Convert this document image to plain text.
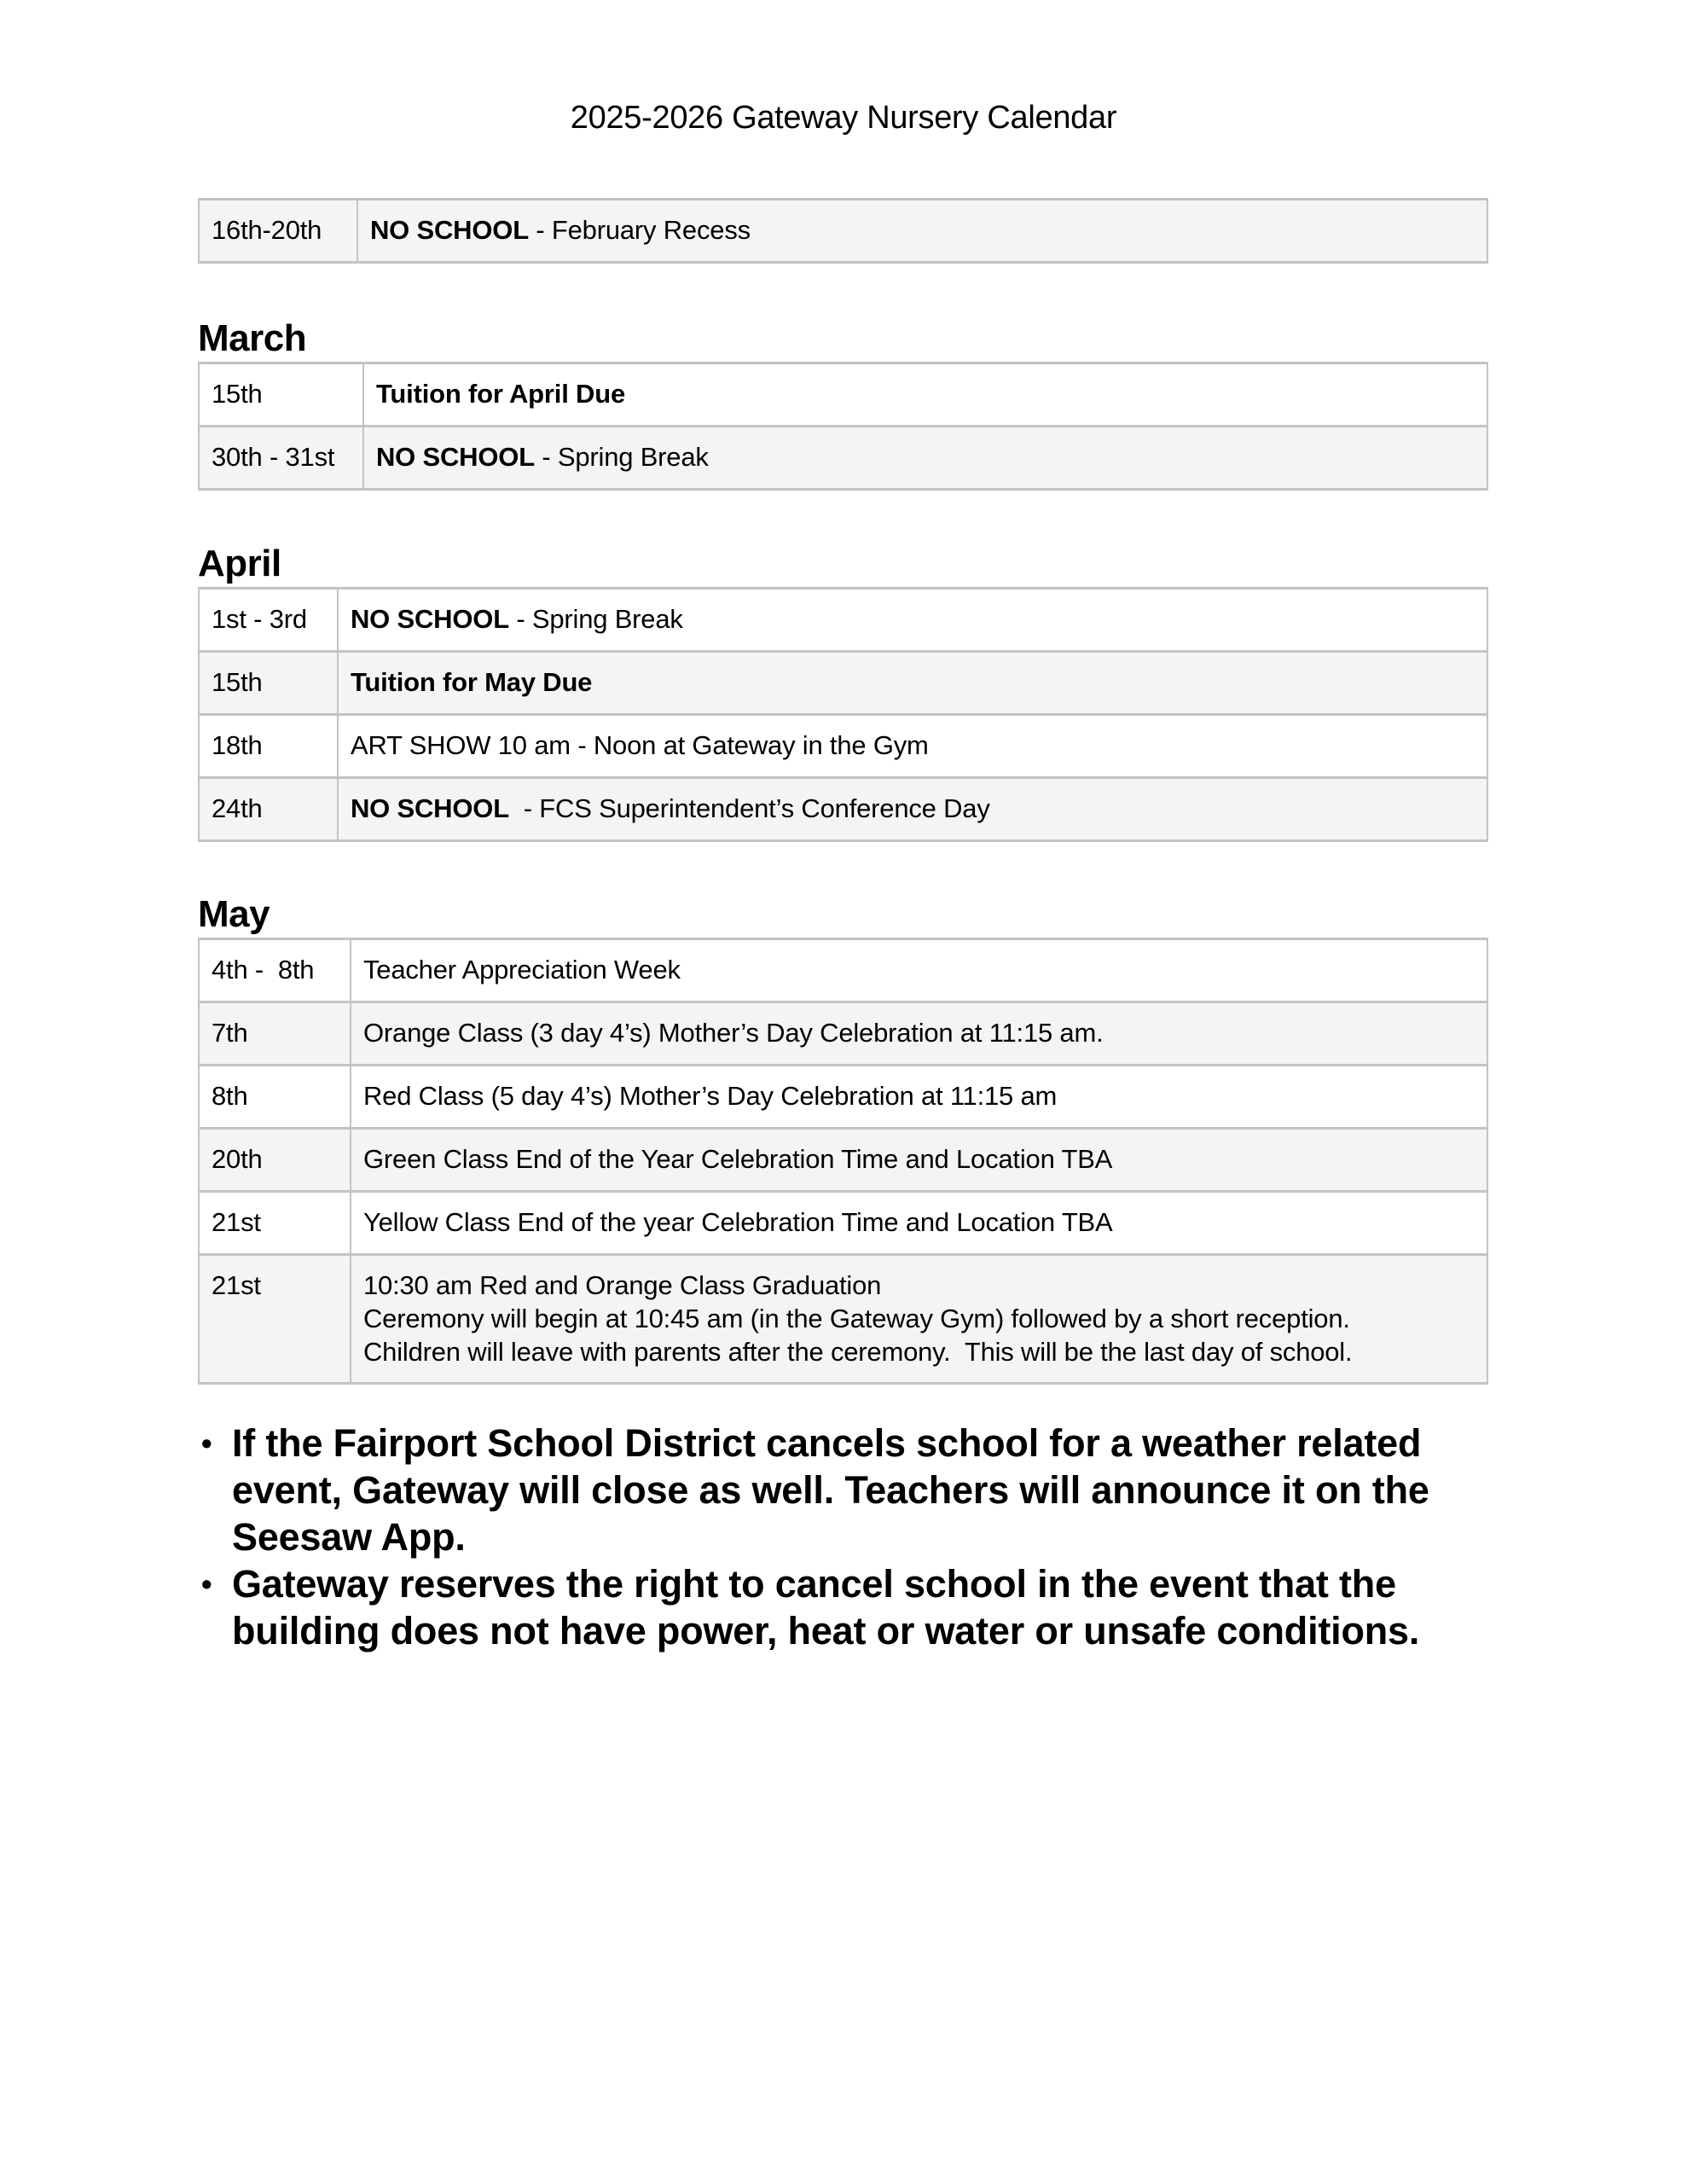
2025-2026 Gateway Nursery Calendar
16th-20th	NO SCHOOL - February Recess
March
15th	Tuition for April Due
30th - 31st	NO SCHOOL - Spring Break
April
1st - 3rd	NO SCHOOL - Spring Break
15th	Tuition for May Due
18th	ART SHOW 10 am - Noon at Gateway in the Gym
24th	NO SCHOOL  - FCS Superintendent’s Conference Day
May
4th -  8th	Teacher Appreciation Week
7th	Orange Class (3 day 4’s) Mother’s Day Celebration at 11:15 am.
8th	Red Class (5 day 4’s) Mother’s Day Celebration at 11:15 am
20th	Green Class End of the Year Celebration Time and Location TBA
21st	Yellow Class End of the year Celebration Time and Location TBA
21st	10:30 am Red and Orange Class Graduation
Ceremony will begin at 10:45 am (in the Gateway Gym) followed by a short reception.
Children will leave with parents after the ceremony.  This will be the last day of school.
• If the Fairport School District cancels school for a weather related event, Gateway will close as well. Teachers will announce it on the Seesaw App.
• Gateway reserves the right to cancel school in the event that the building does not have power, heat or water or unsafe conditions.
